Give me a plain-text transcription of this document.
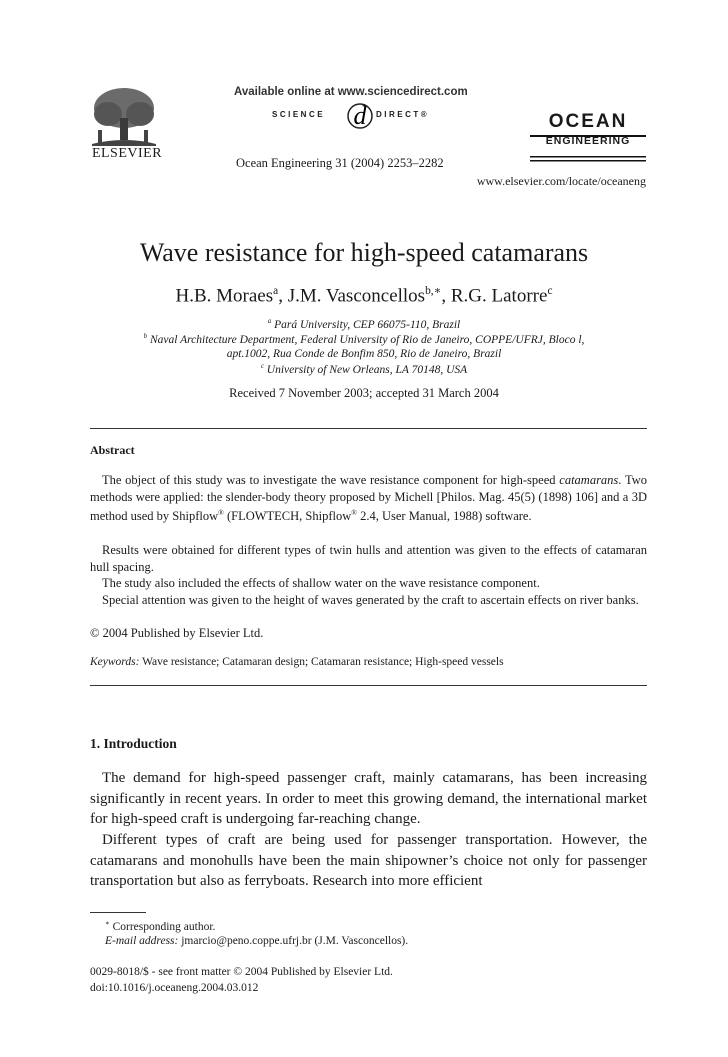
ELSEVIER
Available online at www.sciencedirect.com
d
SCIENCE	DIRECT®
Ocean Engineering 31 (2004) 2253–2282
OCEAN
ENGINEERING
www.elsevier.com/locate/oceaneng
Wave resistance for high-speed catamarans
H.B. Moraes$^a$, J.M. Vasconcellos$^{b,∗}$, R.G. Latorre$^c$
$^a$ Pará University, CEP 66075-110, Brazil
$^b$ Naval Architecture Department, Federal University of Rio de Janeiro, COPPE/UFRJ, Bloco l,
apt.1002, Rua Conde de Bonfim 850, Rio de Janeiro, Brazil
$^c$ University of New Orleans, LA 70148, USA
Received 7 November 2003; accepted 31 March 2004
Abstract
The object of this study was to investigate the wave resistance component for high-speed catamarans. Two methods were applied: the slender-body theory proposed by Michell [Philos. Mag. 45(5) (1898) 106] and a 3D method used by Shipflow® (FLOWTECH, Shipflow® 2.4, User Manual, 1988) software.
Results were obtained for different types of twin hulls and attention was given to the effects of catamaran hull spacing.
The study also included the effects of shallow water on the wave resistance component.
Special attention was given to the height of waves generated by the craft to ascertain effects on river banks.
© 2004 Published by Elsevier Ltd.
Keywords: Wave resistance; Catamaran design; Catamaran resistance; High-speed vessels
1. Introduction
The demand for high-speed passenger craft, mainly catamarans, has been increasing significantly in recent years. In order to meet this growing demand, the international market for high-speed craft is undergoing far-reaching change.
Different types of craft are being used for passenger transportation. However, the catamarans and monohulls have been the main shipowner’s choice not only for passenger transportation but also as ferryboats. Research into more efficient
∗ Corresponding author.
E-mail address: jmarcio@peno.coppe.ufrj.br (J.M. Vasconcellos).
0029-8018/$ - see front matter © 2004 Published by Elsevier Ltd.
doi:10.1016/j.oceaneng.2004.03.012
